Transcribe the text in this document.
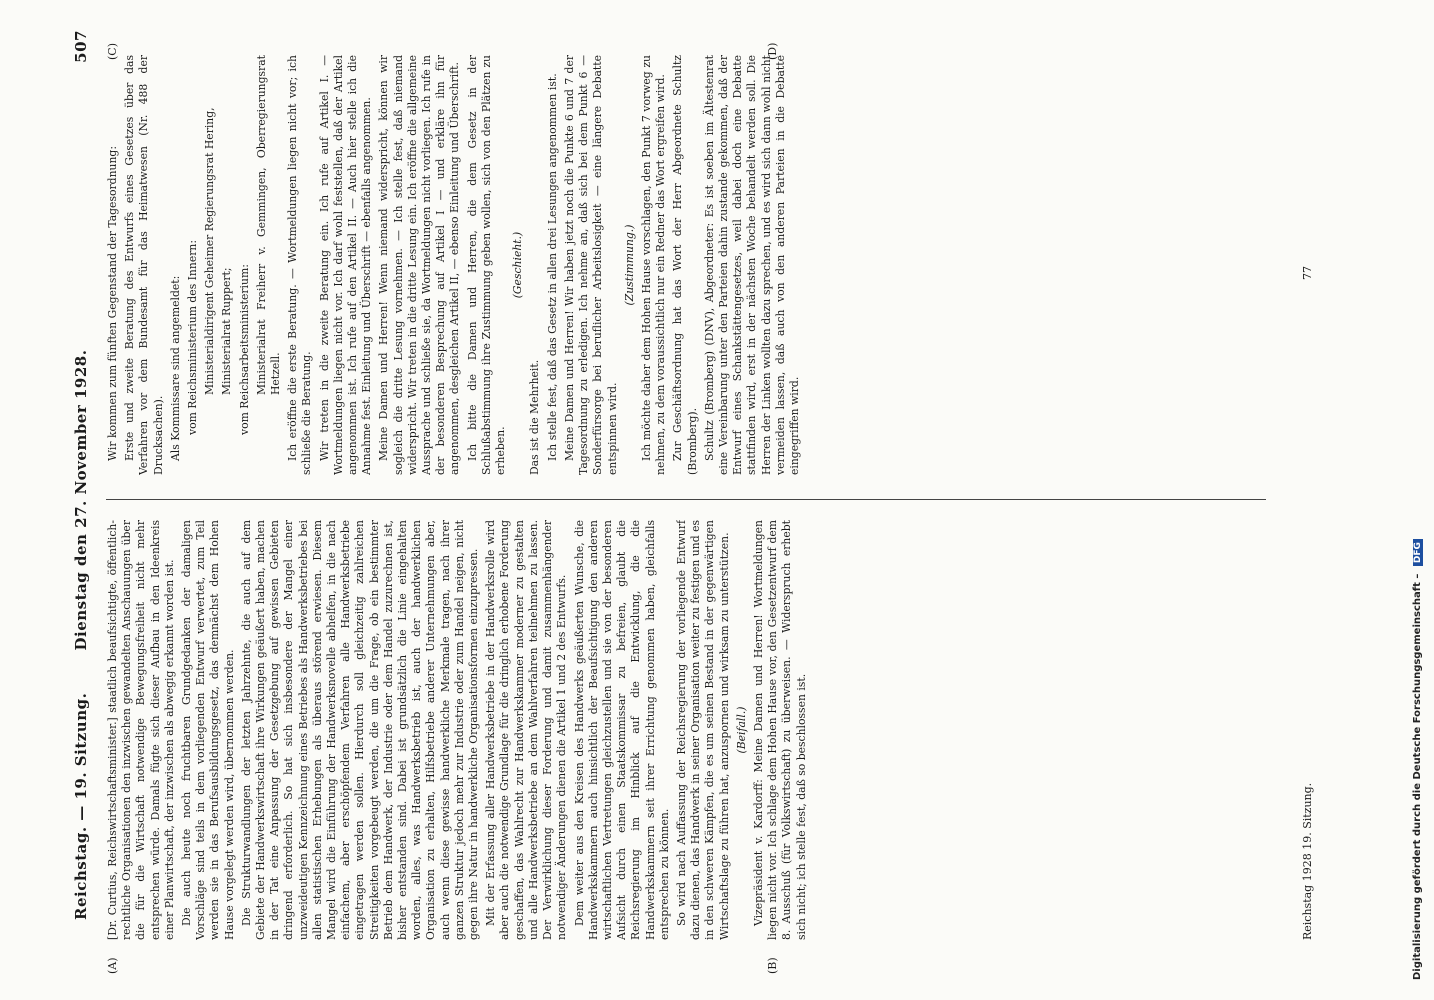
Reichstag. — 19. Sitzung.
Dienstag den 27. November 1928.
507
(A)	(B)
(C)	(D)

[Dr. Curtius, Reichswirtschaftsminister.] staatlich beaufsichtigte, öffentlich-rechtliche Organisationen den inzwischen gewandelten Anschauungen über die für die Wirtschaft notwendige Bewegungsfreiheit nicht mehr entsprechen würde. Damals fügte sich dieser Aufbau in den Ideenkreis einer Planwirtschaft, der inzwischen als abwegig erkannt worden ist. Die auch heute noch fruchtbaren Grundgedanken der damaligen Vorschläge sind teils in dem vorliegenden Entwurf verwertet, zum Teil werden sie in das Berufsausbildungsgesetz, das demnächst dem Hohen Hause vorgelegt werden wird, übernommen werden. Die Strukturwandlungen der letzten Jahrzehnte, die auch auf dem Gebiete der Handwerkswirtschaft ihre Wirkungen geäußert haben, machen in der Tat eine Anpassung der Gesetzgebung auf gewissen Gebieten dringend erforderlich. So hat sich insbesondere der Mangel einer unzweideutigen Kennzeichnung eines Betriebes als Handwerksbetriebes bei allen statistischen Erhebungen als überaus störend erwiesen. Diesem Mangel wird die Einführung der Handwerksnovelle abhelfen, in die nach einfachem, aber erschöpfendem Verfahren alle Handwerksbetriebe eingetragen werden sollen. Hierdurch soll gleichzeitig zahlreichen Streitigkeiten vorgebeugt werden, die um die Frage, ob ein bestimmter Betrieb dem Handwerk, der Industrie oder dem Handel zuzurechnen ist, bisher entstanden sind. Dabei ist grundsätzlich die Linie eingehalten worden, alles, was Handwerksbetrieb ist, auch der handwerklichen Organisation zu erhalten, Hilfsbetriebe anderer Unternehmungen aber, auch wenn diese gewisse handwerkliche Merkmale tragen, nach ihrer ganzen Struktur jedoch mehr zur Industrie oder zum Handel neigen, nicht gegen ihre Natur in handwerkliche Organisationsformen einzupressen. Mit der Erfassung aller Handwerksbetriebe in der Handwerksrolle wird aber auch die notwendige Grundlage für die dringlich erhobene Forderung geschaffen, das Wahlrecht zur Handwerkskammer moderner zu gestalten und alle Handwerksbetriebe an dem Wahlverfahren teilnehmen zu lassen. Der Verwirklichung dieser Forderung und damit zusammenhängender notwendiger Änderungen dienen die Artikel 1 und 2 des Entwurfs. Dem weiter aus den Kreisen des Handwerks geäußerten Wunsche, die Handwerkskammern auch hinsichtlich der Beaufsichtigung den anderen wirtschaftlichen Vertretungen gleichzustellen und sie von der besonderen Aufsicht durch einen Staatskommissar zu befreien, glaubt die Reichsregierung im Hinblick auf die Entwicklung, die die Handwerkskammern seit ihrer Errichtung genommen haben, gleichfalls entsprechen zu können. So wird nach Auffassung der Reichsregierung der vorliegende Entwurf dazu dienen, das Handwerk in seiner Organisation weiter zu festigen und es in den schweren Kämpfen, die es um seinen Bestand in der gegenwärtigen Wirtschaftslage zu führen hat, anzuspornen und wirksam zu unterstützen. (Beifall.) Vizepräsident v. Kardorff: Meine Damen und Herren! Wortmeldungen liegen nicht vor. Ich schlage dem Hohen Hause vor, den Gesetzentwurf dem 8. Ausschuß (für Volkswirtschaft) zu überweisen. — Widerspruch erhebt sich nicht; ich stelle fest, daß so beschlossen ist.

Wir kommen zum fünften Gegenstand der Tagesordnung: Erste und zweite Beratung des Entwurfs eines Gesetzes über das Verfahren vor dem Bundesamt für das Heimatwesen (Nr. 488 der Drucksachen). Als Kommissare sind angemeldet: vom Reichsministerium des Innern: Ministerialdirigent Geheimer Regierungsrat Hering, Ministerialrat Ruppert; vom Reichsarbeitsministerium: Ministerialrat Freiherr v. Gemmingen, Oberregierungsrat Hetzell. Ich eröffne die erste Beratung. — Wortmeldungen liegen nicht vor; ich schließe die Beratung. Wir treten in die zweite Beratung ein. Ich rufe auf Artikel I. — Wortmeldungen liegen nicht vor. Ich darf wohl feststellen, daß der Artikel angenommen ist. Ich rufe auf den Artikel II. — Auch hier stelle ich die Annahme fest. Einleitung und Überschrift — ebenfalls angenommen. Meine Damen und Herren! Wenn niemand widerspricht, können wir sogleich die dritte Lesung vornehmen. — Ich stelle fest, daß niemand widerspricht. Wir treten in die dritte Lesung ein. Ich eröffne die allgemeine Aussprache und schließe sie, da Wortmeldungen nicht vorliegen. Ich rufe in der besonderen Besprechung auf Artikel I — und erkläre ihn für angenommen, desgleichen Artikel II, — ebenso Einleitung und Überschrift. Ich bitte die Damen und Herren, die dem Gesetz in der Schlußabstimmung ihre Zustimmung geben wollen, sich von den Plätzen zu erheben.

(Geschieht.)

Das ist die Mehrheit. Ich stelle fest, daß das Gesetz in allen drei Lesungen angenommen ist. Meine Damen und Herren! Wir haben jetzt noch die Punkte 6 und 7 der Tagesordnung zu erledigen. Ich nehme an, daß sich bei dem Punkt 6 — Sonderfürsorge bei beruflicher Arbeitslosigkeit — eine längere Debatte entspinnen wird.

(Zustimmung.) Ich möchte daher dem Hohen Hause vorschlagen, den Punkt 7 vorweg zu nehmen, zu dem voraussichtlich nur ein Redner das Wort ergreifen wird. Zur Geschäftsordnung hat das Wort der Herr Abgeordnete Schultz (Bromberg). Schultz (Bromberg) (DNV), Abgeordneter: Es ist soeben im Ältestenrat eine Vereinbarung unter den Parteien dahin zustande gekommen, daß der Entwurf eines Schankstättengesetzes, weil dabei doch eine Debatte stattfinden wird, erst in der nächsten Woche behandelt werden soll. Die Herren der Linken wollten dazu sprechen, und es wird sich dann wohl nicht vermeiden lassen, daß auch von den anderen Parteien in die Debatte eingegriffen wird.

Reichstag 1928 19. Sitzung.
77
Digitalisierung gefördert durch die Deutsche Forschungsgemeinschaft – DFG
